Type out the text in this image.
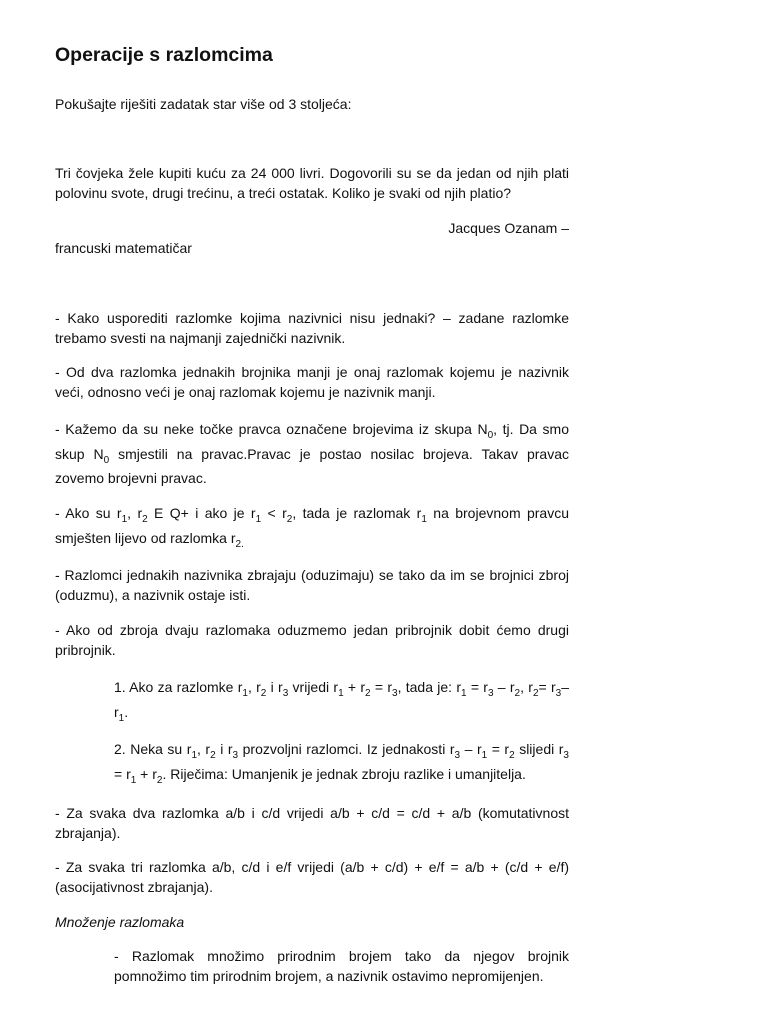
Operacije s razlomcima

Pokušajte riješiti zadatak star više od 3 stoljeća:

Tri čovjeka žele kupiti kuću za 24 000 livri. Dogovorili su se da jedan od njih plati polovinu svote, drugi trećinu, a treći ostatak. Koliko je svaki od njih platio?

Jacques Ozanam –

francuski matematičar

- Kako usporediti razlomke kojima nazivnici nisu jednaki? – zadane razlomke trebamo svesti na najmanji zajednički nazivnik.

- Od dva razlomka jednakih brojnika manji je onaj razlomak kojemu je nazivnik veći, odnosno veći je onaj razlomak kojemu je nazivnik manji.

- Kažemo da su neke točke pravca označene brojevima iz skupa $N_0$, tj. Da smo skup $N_0$ smjestili na pravac.Pravac je postao nosilac brojeva. Takav pravac zovemo brojevni pravac.

- Ako su $r_1$, $r_2$ E Q+ i ako je $r_1 < r_2$, tada je razlomak $r_1$ na brojevnom pravcu smješten lijevo od razlomka $r_{2.}$

- Razlomci jednakih nazivnika zbrajaju (oduzimaju) se tako da im se brojnici zbroj (oduzmu), a nazivnik ostaje isti.

- Ako od zbroja dvaju razlomaka oduzmemo jedan pribrojnik dobit ćemo drugi pribrojnik.

1. Ako za razlomke $r_1$, $r_2$ i $r_3$ vrijedi $r_1 + r_2 = r_3$, tada je: $r_1 = r_3 - r_2$, $r_2= r_3-$ $r_1$.

2. Neka su $r_1$, $r_2$ i $r_3$ prozvoljni razlomci. Iz jednakosti $r_3 - r_1 = r_2$ slijedi $r_3 = r_1 + r_2$. Riječima: Umanjenik je jednak zbroju razlike i umanjitelja.

- Za svaka dva razlomka a/b i c/d vrijedi a/b + c/d = c/d + a/b (komutativnost zbrajanja).

- Za svaka tri razlomka a/b, c/d i e/f vrijedi (a/b + c/d) + e/f = a/b + (c/d + e/f) (asocijativnost zbrajanja).

Množenje razlomaka

- Razlomak množimo prirodnim brojem tako da njegov brojnik pomnožimo tim prirodnim brojem, a nazivnik ostavimo nepromijenjen.
